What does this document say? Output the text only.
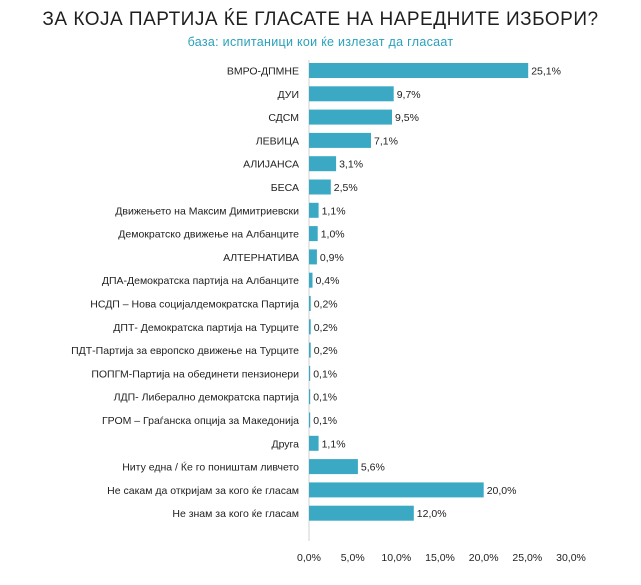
ЗА КОЈА ПАРТИЈА ЌЕ ГЛАСАТЕ НА НАРЕДНИТЕ ИЗБОРИ?
база: испитаници кои ќе излезат да гласаат
ВМРО-ДПМНЕ
ДУИ
СДСМ
ЛЕВИЦА
АЛИЈАНСА
БЕСА
Движењето на Максим Димитриевски
Демократско движење на Албанците
АЛТЕРНАТИВА
ДПА-Демократска партија на Албанците
НСДП – Нова социјалдемократска Партија
ДПТ- Демократска партија на Турците
ПДТ-Партија за европско движење на Турците
ПОПГМ-Партија на обединети пензионери
ЛДП- Либерално демократска партија
ГРОМ – Граѓанска опција за Македонија
Друга
Ниту една / Ќе го поништам ливчето
Не сакам да откријам за кого ќе гласам
Не знам за кого ќе гласам
25,1%
9,7%
9,5%
7,1%
3,1%
2,5%
1,1%
1,0%
0,9%
0,4%
0,2%
0,2%
0,2%
0,1%
0,1%
0,1%
1,1%
5,6%
20,0%
12,0%
0,0% 5,0% 10,0% 15,0% 20,0% 25,0% 30,0%
